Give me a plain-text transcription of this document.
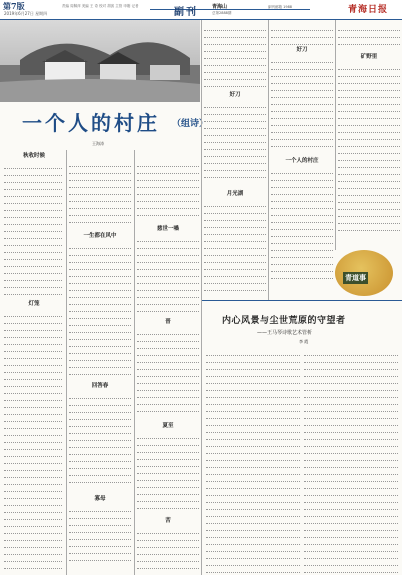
第7版
2019年6月27日 星期四
责编 周佩萍 美编 王 奇 校对 胡滨 主管 申刚 记者
副刊	青海山
总第2888期
副刊邮箱 1988	青海日报
一个人的村庄 （组诗）
王海涛
秋收时候
灯笼
慈世一嗓
一生都在风中
回答春
晋
夏至
寡母
苦
好刀
好刀
月光湖
一个人的村庄
矿野里
青道事
内心风景与尘世荒原的守望者
——王马琴诗歌艺术管析
李 霞
